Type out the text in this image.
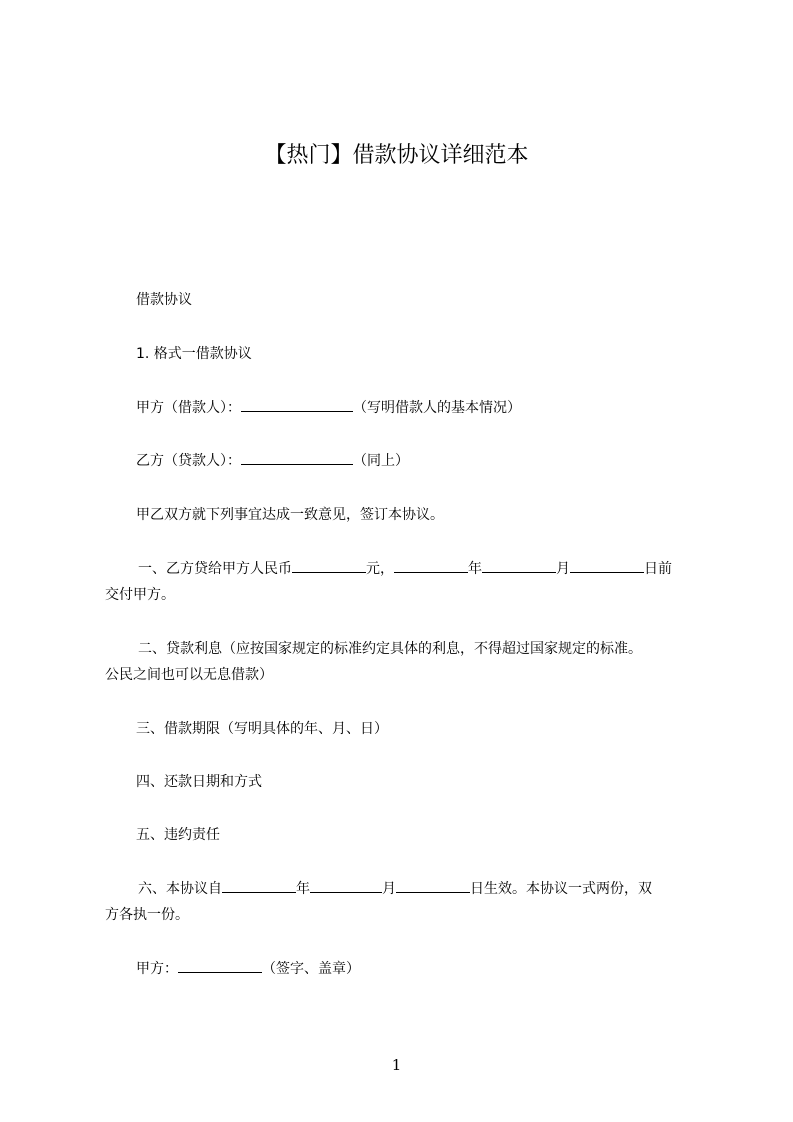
【热门】借款协议详细范本

借款协议

1. 格式一借款协议

甲方（借款人）：	（写明借款人的基本情况）

乙方（贷款人）：	（同上）

甲乙双方就下列事宜达成一致意见，签订本协议。

一、乙方贷给甲方人民币	元，	年	月	日前
交付甲方。

二、贷款利息（应按国家规定的标准约定具体的利息，不得超过国家规定的标准。
公民之间也可以无息借款）

三、借款期限（写明具体的年、月、日）

四、还款日期和方式

五、违约责任

六、本协议自	年	月	日生效。本协议一式两份，双
方各执一份。

甲方：	（签字、盖章）

1
